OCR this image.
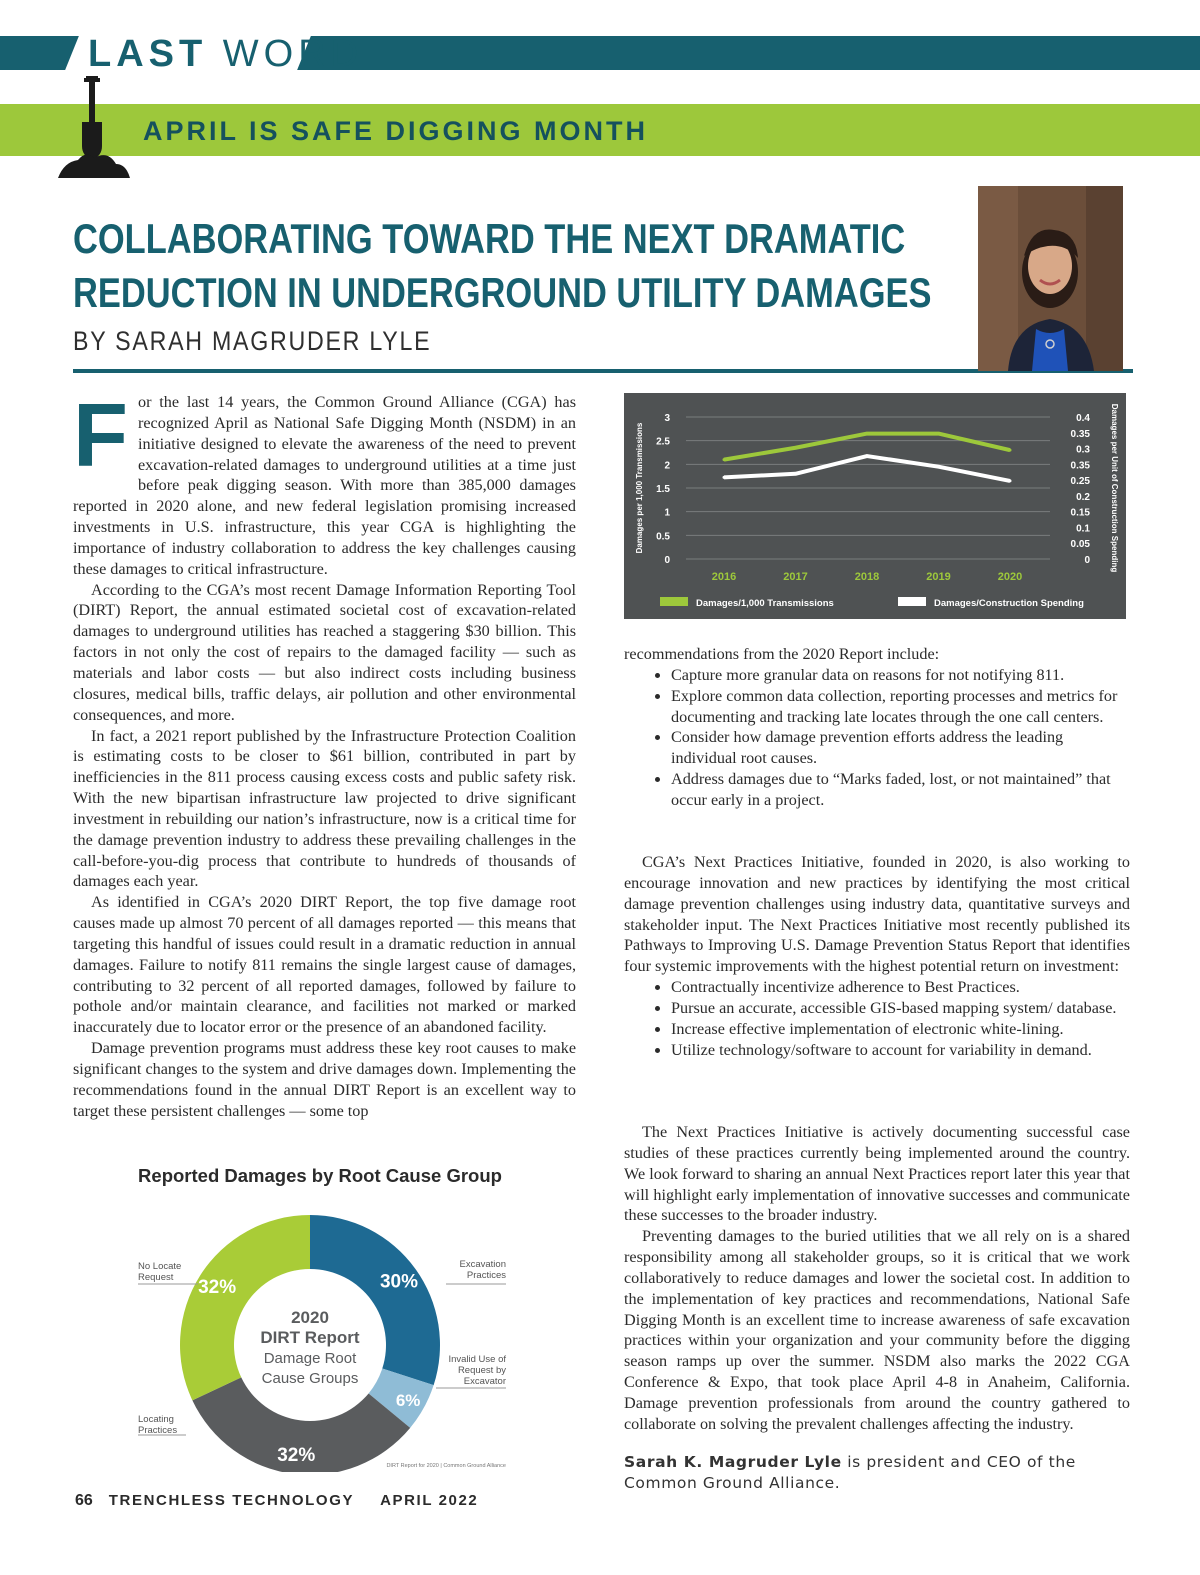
LAST WORD
APRIL IS SAFE DIGGING MONTH
COLLABORATING TOWARD THE NEXT DRAMATIC
REDUCTION IN UNDERGROUND UTILITY DAMAGES
BY SARAH MAGRUDER LYLE

For the last 14 years, the Common Ground Alliance (CGA) has recognized April as National Safe Digging Month (NSDM) in an initiative designed to elevate the awareness of the need to prevent excavation-related damages to underground utilities at a time just before peak digging season. With more than 385,000 damages reported in 2020 alone, and new federal legislation promising increased investments in U.S. infrastructure, this year CGA is highlighting the importance of industry collaboration to address the key challenges causing these damages to critical infrastructure.

According to the CGA’s most recent Damage Information Reporting Tool (DIRT) Report, the annual estimated societal cost of excavation-related damages to underground utilities has reached a staggering $30 billion. This factors in not only the cost of repairs to the damaged facility — such as materials and labor costs — but also indirect costs including business closures, medical bills, traffic delays, air pollution and other environmental consequences, and more.

In fact, a 2021 report published by the Infrastructure Protection Coalition is estimating costs to be closer to $61 billion, contributed in part by inefficiencies in the 811 process causing excess costs and public safety risk. With the new bipartisan infrastructure law projected to drive significant investment in rebuilding our nation’s infrastructure, now is a critical time for the damage prevention industry to address these prevailing challenges in the call-before-you-dig process that contribute to hundreds of thousands of damages each year.

As identified in CGA’s 2020 DIRT Report, the top five damage root causes made up almost 70 percent of all damages reported — this means that targeting this handful of issues could result in a dramatic reduction in annual damages. Failure to notify 811 remains the single largest cause of damages, contributing to 32 percent of all reported damages, followed by failure to pothole and/or maintain clearance, and facilities not marked or marked inaccurately due to locator error or the presence of an abandoned facility.

Damage prevention programs must address these key root causes to make significant changes to the system and drive damages down. Implementing the recommendations found in the annual DIRT Report is an excellent way to target these persistent challenges — some top

3
2.5
2
1.5
1
0.5
0
0.4
0.35
0.3
0.35
0.25
0.2
0.15
0.1
0.05
0
2016	2017	2018	2019	2020
Damages per 1,000 Transmissions	Damages per Unit of Construction Spending
Damages/1,000 Transmissions	Damages/Construction Spending

recommendations from the 2020 Report include:

• Capture more granular data on reasons for not notifying 811.
• Explore common data collection, reporting processes and metrics for documenting and tracking late locates through the one call centers.
• Consider how damage prevention efforts address the leading individual root causes.
• Address damages due to “Marks faded, lost, or not maintained” that occur early in a project.

CGA’s Next Practices Initiative, founded in 2020, is also working to encourage innovation and new practices by identifying the most critical damage prevention challenges using industry data, quantitative surveys and stakeholder input. The Next Practices Initiative most recently published its Pathways to Improving U.S. Damage Prevention Status Report that identifies four systemic improvements with the highest potential return on investment:

• Contractually incentivize adherence to Best Practices.
• Pursue an accurate, accessible GIS-based mapping system/ database.
• Increase effective implementation of electronic white-lining.
• Utilize technology/software to account for variability in demand.

The Next Practices Initiative is actively documenting successful case studies of these practices currently being implemented around the country. We look forward to sharing an annual Next Practices report later this year that will highlight early implementation of innovative successes and communicate these successes to the broader industry.

Preventing damages to the buried utilities that we all rely on is a shared responsibility among all stakeholder groups, so it is critical that we work collaboratively to reduce damages and lower the societal cost. In addition to the implementation of key practices and recommendations, National Safe Digging Month is an excellent time to increase awareness of safe excavation practices within your organization and your community before the digging season ramps up over the summer. NSDM also marks the 2022 CGA Conference & Expo, that took place April 4-8 in Anaheim, California. Damage prevention professionals from around the country gathered to collaborate on solving the prevalent challenges affecting the industry.

Sarah K. Magruder Lyle is president and CEO of the Common Ground Alliance.
Reported Damages by Root Cause Group
30%
6%
32%
32%
2020
DIRT Report
Damage Root
Cause Groups
Excavation
Practices
Invalid Use of
Request by
Excavator
Locating
Practices
No Locate
Request
DIRT Report for 2020 | Common Ground Alliance
66 TRENCHLESS TECHNOLOGY APRIL 2022
